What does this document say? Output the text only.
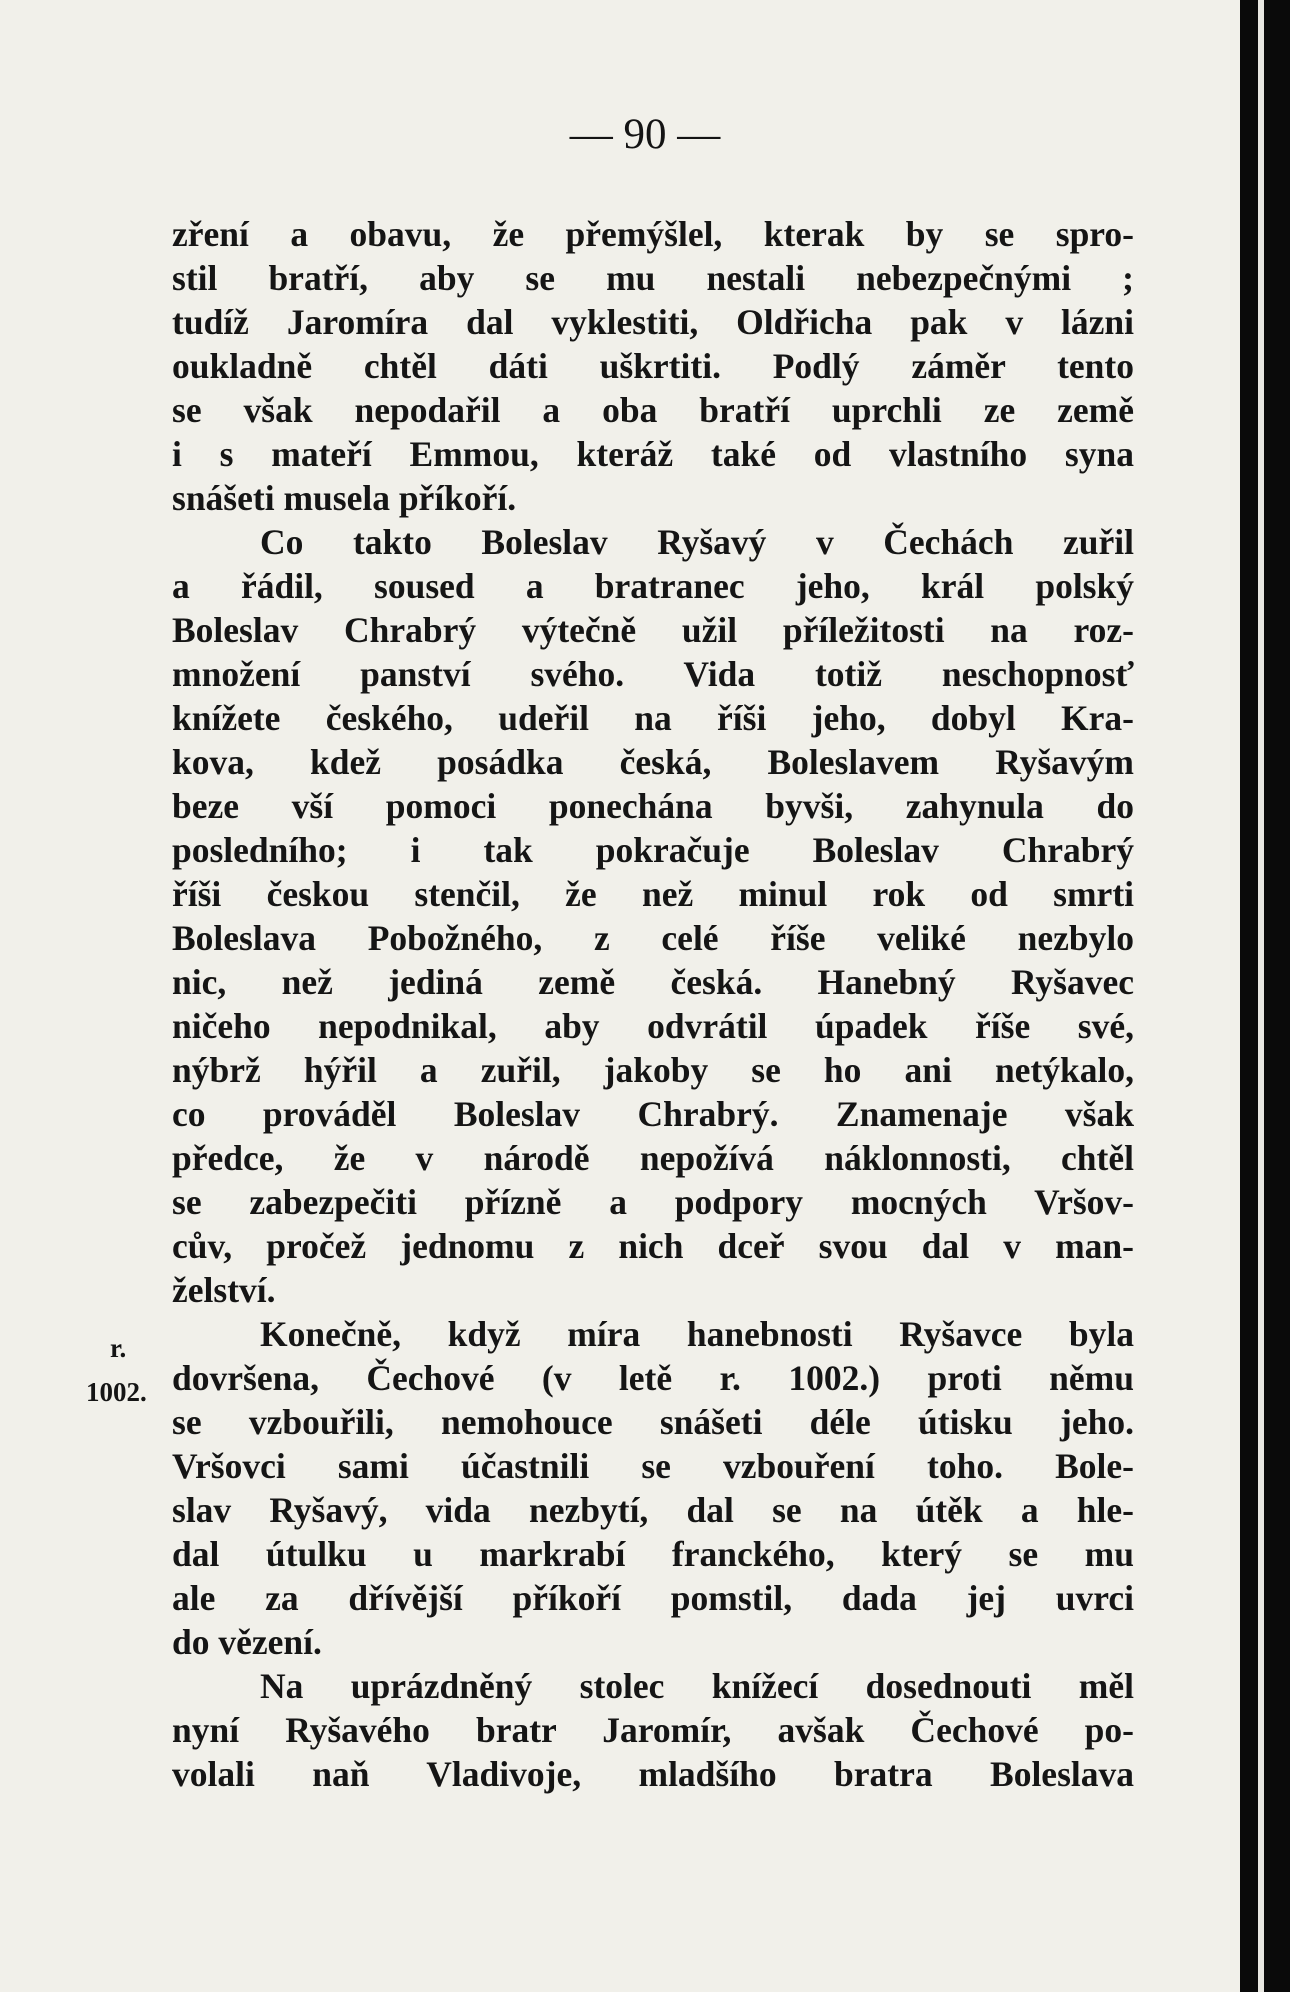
— 90 —
r.
1002.
zření a obavu, že přemýšlel, kterak by se spro-
stil bratří, aby se mu nestali nebezpečnými ;
tudíž Jaromíra dal vyklestiti, Oldřicha pak v lázni
oukladně chtěl dáti uškrtiti. Podlý záměr tento
se však nepodařil a oba bratří uprchli ze země
i s mateří Emmou, kteráž také od vlastního syna
snášeti musela příkoří.
Co takto Boleslav Ryšavý v Čechách zuřil
a řádil, soused a bratranec jeho, král polský
Boleslav Chrabrý výtečně užil příležitosti na roz-
množení panství svého. Vida totiž neschopnosť
knížete českého, udeřil na říši jeho, dobyl Kra-
kova, kdež posádka česká, Boleslavem Ryšavým
beze vší pomoci ponechána byvši, zahynula do
posledního; i tak pokračuje Boleslav Chrabrý
říši českou stenčil, že než minul rok od smrti
Boleslava Pobožného, z celé říše veliké nezbylo
nic, než jediná země česká. Hanebný Ryšavec
ničeho nepodnikal, aby odvrátil úpadek říše své,
nýbrž hýřil a zuřil, jakoby se ho ani netýkalo,
co prováděl Boleslav Chrabrý. Znamenaje však
předce, že v národě nepožívá náklonnosti, chtěl
se zabezpečiti přízně a podpory mocných Vršov-
cův, pročež jednomu z nich dceř svou dal v man-
želství.
Konečně, když míra hanebnosti Ryšavce byla
dovršena, Čechové (v letě r. 1002.) proti němu
se vzbouřili, nemohouce snášeti déle útisku jeho.
Vršovci sami účastnili se vzbouření toho. Bole-
slav Ryšavý, vida nezbytí, dal se na útěk a hle-
dal útulku u markrabí franckého, který se mu
ale za dřívější příkoří pomstil, dada jej uvrci
do vězení.
Na uprázdněný stolec knížecí dosednouti měl
nyní Ryšavého bratr Jaromír, avšak Čechové po-
volali naň Vladivoje, mladšího bratra Boleslava
